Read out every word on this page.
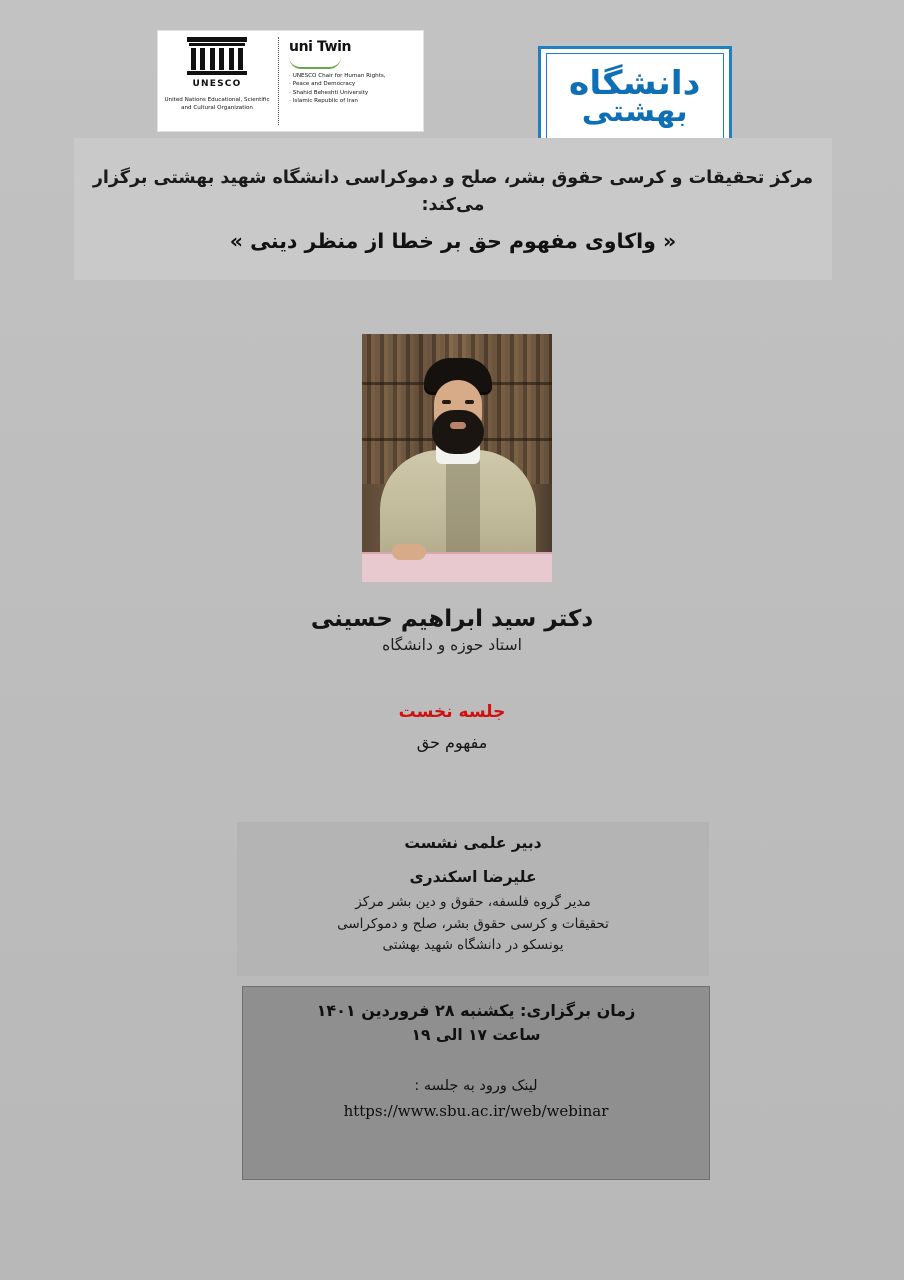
UNESCO
United Nations Educational, Scientific and Cultural Organization
uni Twin
· UNESCO Chair for Human Rights,
· Peace and Democracy
· Shahid Beheshti University
· Islamic Republic of Iran	دانشگاه
بهشتی
مرکز تحقیقات و کرسی حقوق بشر، صلح و دموکراسی دانشگاه شهید بهشتی برگزار می‌کند:
« واکاوی مفهوم حق بر خطا از منظر دینی »
دکتر سید ابراهیم حسینی
استاد حوزه و دانشگاه
جلسه نخست
مفهوم حق
دبیر علمی نشست
علیرضا اسکندری
مدیر گروه فلسفه، حقوق و دین بشر مرکز
تحقیقات و کرسی حقوق بشر، صلح و دموکراسی
یونسکو در دانشگاه شهید بهشتی
زمان برگزاری: یکشنبه ۲۸ فروردین ۱۴۰۱
ساعت ۱۷ الی ۱۹
لینک ورود به جلسه :
https://www.sbu.ac.ir/web/webinar
